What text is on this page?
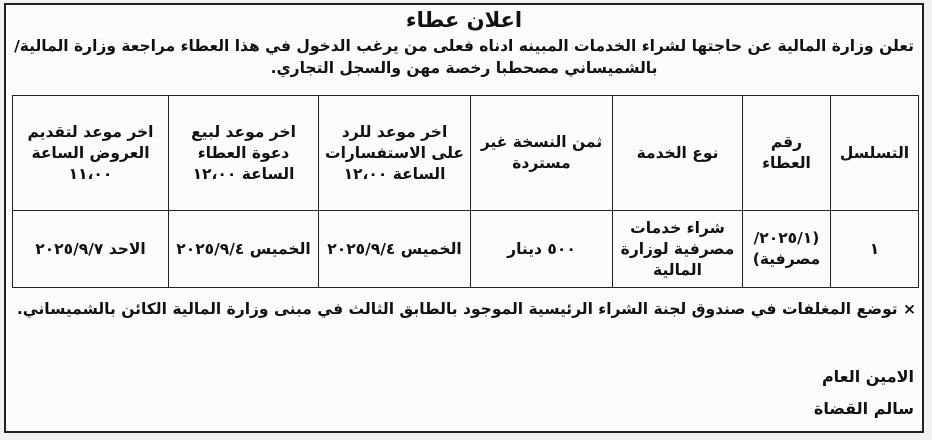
اعلان عطاء
تعلن وزارة المالية عن حاجتها لشراء الخدمات المبينه ادناه فعلى من يرغب الدخول في هذا العطاء مراجعة وزارة المالية/بالشميساني مصحطبا رخصة مهن والسجل التجاري.
التسلسل	رقم العطاء	نوع الخدمة	ثمن النسخة غير مستردة	اخر موعد للرد على الاستفسارات الساعة ١٢،٠٠	اخر موعد لبيع دعوة العطاء الساعة ١٢،٠٠	اخر موعد لتقديم العروض الساعة ١١،٠٠
١	(٢٠٢٥/١/ مصرفية)	شراء خدمات مصرفية لوزارة المالية	٥٠٠ دينار	الخميس ٢٠٢٥/٩/٤	الخميس ٢٠٢٥/٩/٤	الاحد ٢٠٢٥/٩/٧
× توضع المغلفات في صندوق لجنة الشراء الرئيسية الموجود بالطابق الثالث في مبنى وزارة المالية الكائن بالشميساني.
الامين العام
سالم القضاة
